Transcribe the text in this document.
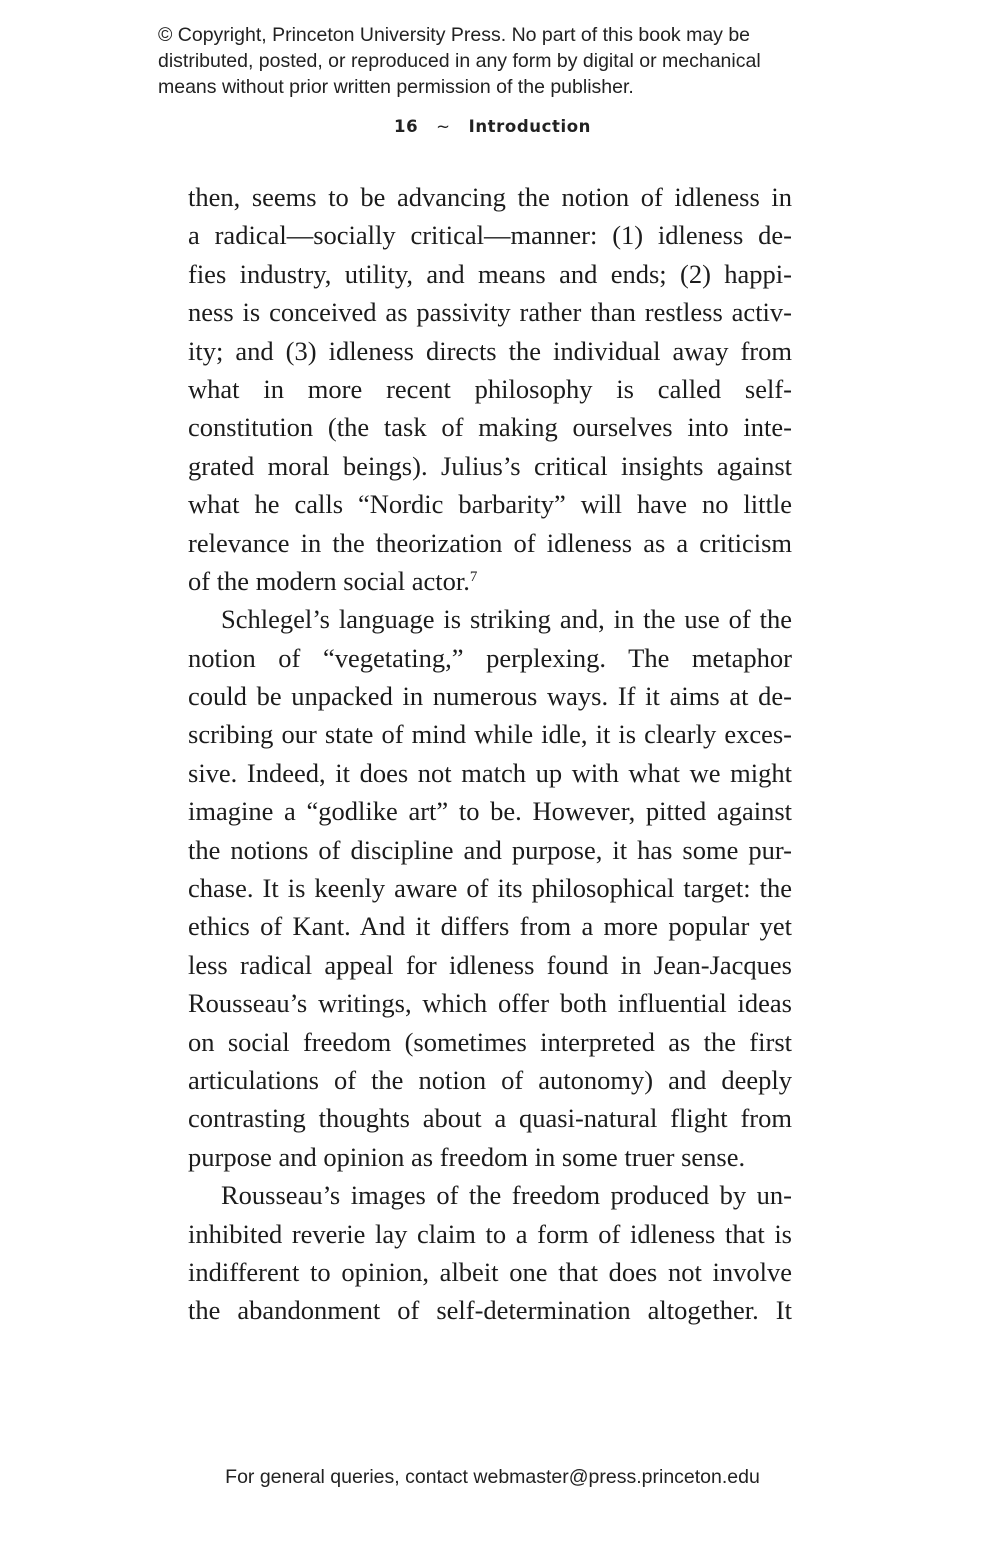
© Copyright, Princeton University Press. No part of this book may be
distributed, posted, or reproduced in any form by digital or mechanical
means without prior written permission of the publisher.
16 ~ Introduction
then, seems to be advancing the notion of idleness in
a radical—socially critical—manner: (1) idleness de-
fies industry, utility, and means and ends; (2) happi-
ness is conceived as passivity rather than restless activ-
ity; and (3) idleness directs the individual away from
what in more recent philosophy is called self-
constitution (the task of making ourselves into inte-
grated moral beings). Julius’s critical insights against
what he calls “Nordic barbarity” will have no little
relevance in the theorization of idleness as a criticism
of the modern social actor.$^7$
Schlegel’s language is striking and, in the use of the
notion of “vegetating,” perplexing. The metaphor
could be unpacked in numerous ways. If it aims at de-
scribing our state of mind while idle, it is clearly exces-
sive. Indeed, it does not match up with what we might
imagine a “godlike art” to be. However, pitted against
the notions of discipline and purpose, it has some pur-
chase. It is keenly aware of its philosophical target: the
ethics of Kant. And it differs from a more popular yet
less radical appeal for idleness found in Jean-Jacques
Rousseau’s writings, which offer both influential ideas
on social freedom (sometimes interpreted as the first
articulations of the notion of autonomy) and deeply
contrasting thoughts about a quasi-natural flight from
purpose and opinion as freedom in some truer sense.
Rousseau’s images of the freedom produced by un-
inhibited reverie lay claim to a form of idleness that is
indifferent to opinion, albeit one that does not involve
the abandonment of self-determination altogether. It
For general queries, contact webmaster@press.princeton.edu
